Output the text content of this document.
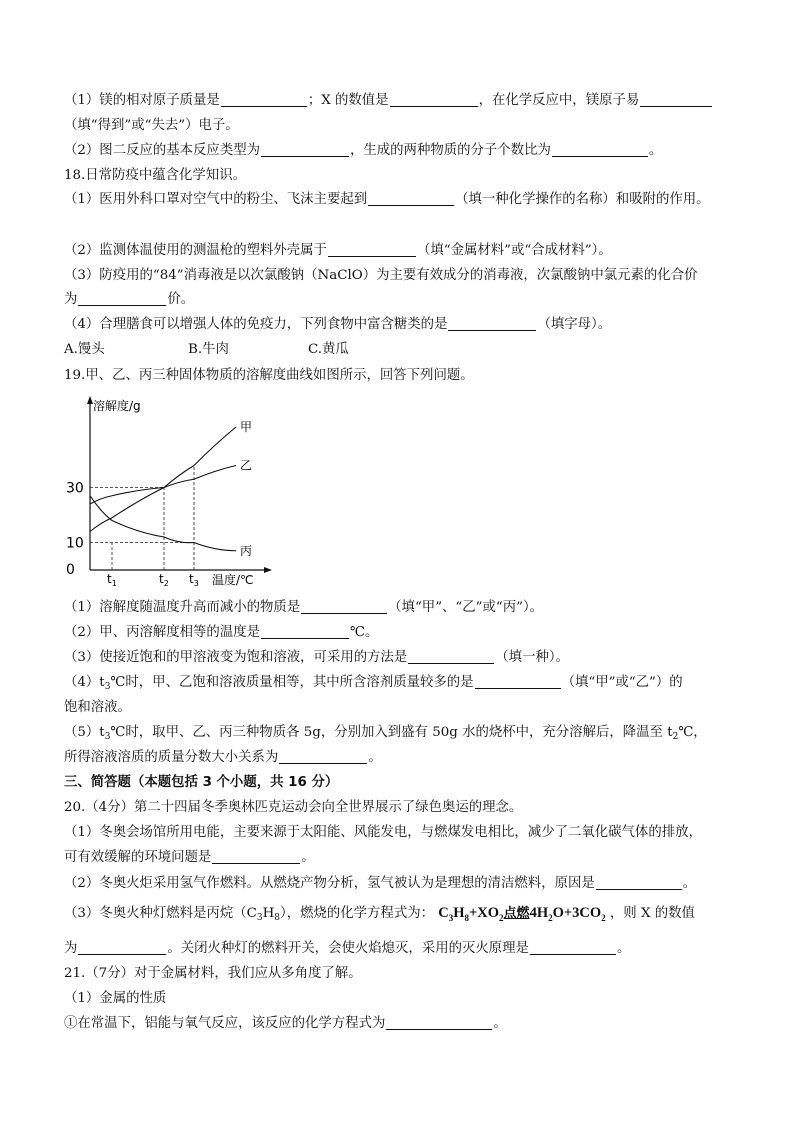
（1）镁的相对原子质量是	；X 的数值是	，在化学反应中，镁原子易
（填“得到”或“失去”）电子。
（2）图二反应的基本反应类型为	，生成的两种物质的分子个数比为	。
18.日常防疫中蕴含化学知识。
（1）医用外科口罩对空气中的粉尘、飞沫主要起到	（填一种化学操作的名称）和吸附的作用。
（2）监测体温使用的测温枪的塑料外壳属于	（填“金属材料”或“合成材料”）。
（3）防疫用的“84”消毒液是以次氯酸钠（NaClO）为主要有效成分的消毒液，次氯酸钠中氯元素的化合价
为	价。
（4）合理膳食可以增强人体的免疫力，下列食物中富含糖类的是	（填字母）。
A.馒头	B.牛肉	C.黄瓜
19.甲、乙、丙三种固体物质的溶解度曲线如图所示，回答下列问题。
溶解度/g
温度/℃
0
10
30
$t_1$	$t_2$ $t_3$
甲
乙
丙
（1）溶解度随温度升高而减小的物质是	（填“甲”、“乙”或“丙”）。
（2）甲、丙溶解度相等的温度是	℃。
（3）使接近饱和的甲溶液变为饱和溶液，可采用的方法是	（填一种）。
$(4)t_3℃$时，甲、乙饱和溶液质量相等，其中所含溶剂质量较多的是	（填“甲”或“乙”）的
饱和溶液。
$(5)t_3℃$时，取甲、乙、丙三种物质各 5g，分别加入到盛有 50g 水的烧杯中，充分溶解后，降温至 $t_2℃$，
所得溶液溶质的质量分数大小关系为	。
三、简答题（本题包括 3 个小题，共 16 分）
20.（4分）第二十四届冬季奥林匹克运动会向全世界展示了绿色奥运的理念。
（1）冬奥会场馆所用电能，主要来源于太阳能、风能发电，与燃煤发电相比，减少了二氧化碳气体的排放，
可有效缓解的环境问题是	。
（2）冬奥火炬采用氢气作燃料。从燃烧产物分析，氢气被认为是理想的清洁燃料，原因是	。
（3）冬奥火种灯燃料是丙烷$(C_3H_8)$，燃烧的化学方程式为： $C_3H_8+XO_2$点燃$4H_2O+3CO_2$ ，则 X 的数值
为	。关闭火种灯的燃料开关，会使火焰熄灭，采用的灭火原理是	。
21.（7分）对于金属材料，我们应从多角度了解。
（1）金属的性质
①在常温下，铝能与氧气反应，该反应的化学方程式为	。
